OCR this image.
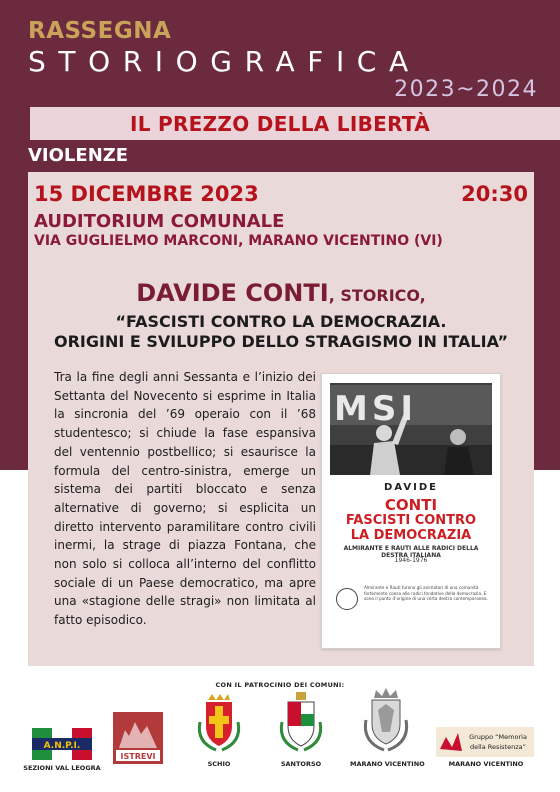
RASSEGNA
STORIOGRAFICA
2023~2024
IL PREZZO DELLA LIBERTÀ
VIOLENZE
15 DICEMBRE 2023	20:30
AUDITORIUM COMUNALE
VIA GUGLIELMO MARCONI, MARANO VICENTINO (VI)
DAVIDE CONTI, STORICO,
“FASCISTI CONTRO LA DEMOCRAZIA.
ORIGINI E SVILUPPO DELLO STRAGISMO IN ITALIA”
Tra la fine degli anni Sessanta e l’inizio dei Settanta del Novecento si esprime in Italia la sincronia del ’69 operaio con il ’68 studentesco; si chiude la fase espansiva del ventennio postbellico; si esaurisce la formula del centro-sinistra, emerge un sistema dei partiti bloccato e senza alternative di governo; si esplicita un diretto intervento paramilitare contro civili inermi, la strage di piazza Fontana, che non solo si colloca all’interno del conflitto sociale di un Paese democratico, ma apre una «stagione delle stragi» non limitata al fatto episodico.
MSI
DAVIDE
CONTI
FASCISTI CONTRO
LA DEMOCRAZIA
ALMIRANTE E RAUTI ALLE RADICI DELLA DESTRA ITALIANA
1946-1976
Almirante e Rauti furono gli animatori di una comunità fortemente coesa alle radici fondative della democrazia. E sono il punto d’origine di una certa destra contemporanea.
CON IL PATROCINIO DEI COMUNI:
A.N.P.I.
SEZIONI VAL LEOGRA
ISTREVI
SCHIO	SANTORSO	MARANO VICENTINO
Gruppo “Memoria
della Resistenza”
MARANO VICENTINO
